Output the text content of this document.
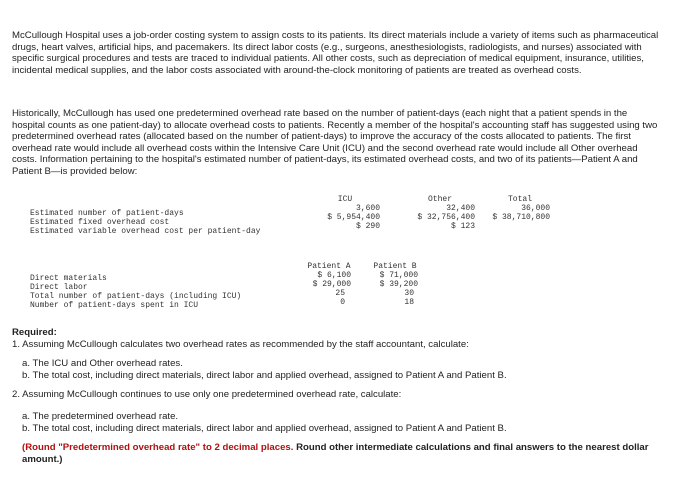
McCullough Hospital uses a job-order costing system to assign costs to its patients. Its direct materials include a variety of items such as pharmaceutical drugs, heart valves, artificial hips, and pacemakers. Its direct labor costs (e.g., surgeons, anesthesiologists, radiologists, and nurses) associated with specific surgical procedures and tests are traced to individual patients. All other costs, such as depreciation of medical equipment, insurance, utilities, incidental medical supplies, and the labor costs associated with around-the-clock monitoring of patients are treated as overhead costs.

Historically, McCullough has used one predetermined overhead rate based on the number of patient-days (each night that a patient spends in the hospital counts as one patient-day) to allocate overhead costs to patients. Recently a member of the hospital's accounting staff has suggested using two predetermined overhead rates (allocated based on the number of patient-days) to improve the accuracy of the costs allocated to patients. The first overhead rate would include all overhead costs within the Intensive Care Unit (ICU) and the second overhead rate would include all Other overhead costs. Information pertaining to the hospital's estimated number of patient-days, its estimated overhead costs, and two of its patients—Patient A and Patient B—is provided below:

ICU	Other	Total
Estimated number of patient-days
3,600	32,400	36,000
Estimated fixed overhead cost
$ 5,954,400	$ 32,756,400	$ 38,710,800
Estimated variable overhead cost per patient-day
$ 290	$ 123
Patient A	Patient B
Direct materials	$ 6,100	$ 71,000
Direct labor	$ 29,000	$ 39,200
Total number of patient-days (including ICU)	25	30
Number of patient-days spent in ICU	0	18

Required:

1. Assuming McCullough calculates two overhead rates as recommended by the staff accountant, calculate:

a. The ICU and Other overhead rates.

b. The total cost, including direct materials, direct labor and applied overhead, assigned to Patient A and Patient B.

2. Assuming McCullough continues to use only one predetermined overhead rate, calculate:

a. The predetermined overhead rate.

b. The total cost, including direct materials, direct labor and applied overhead, assigned to Patient A and Patient B.

(Round "Predetermined overhead rate" to 2 decimal places. Round other intermediate calculations and final answers to the nearest dollar amount.)
